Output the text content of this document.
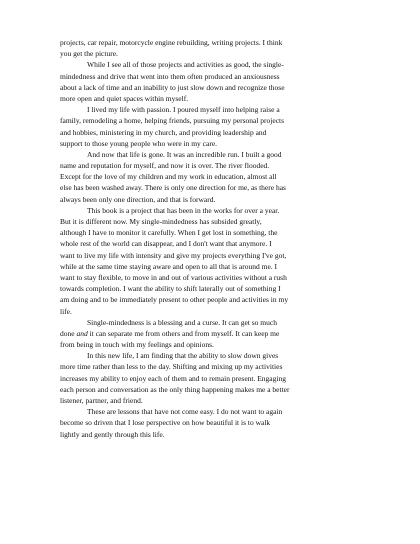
projects, car repair, motorcycle engine rebuilding, writing projects. I think
you get the picture.
While I see all of those projects and activities as good, the single-
mindedness and drive that went into them often produced an anxiousness
about a lack of time and an inability to just slow down and recognize those
more open and quiet spaces within myself.
I lived my life with passion. I poured myself into helping raise a
family, remodeling a home, helping friends, pursuing my personal projects
and hobbies, ministering in my church, and providing leadership and
support to those young people who were in my care.
And now that life is gone. It was an incredible run. I built a good
name and reputation for myself, and now it is over. The river flooded.
Except for the love of my children and my work in education, almost all
else has been washed away. There is only one direction for me, as there has
always been only one direction, and that is forward.
This book is a project that has been in the works for over a year.
But it is different now. My single-mindedness has subsided greatly,
although I have to monitor it carefully. When I get lost in something, the
whole rest of the world can disappear, and I don't want that anymore. I
want to live my life with intensity and give my projects everything I've got,
while at the same time staying aware and open to all that is around me. I
want to stay flexible, to move in and out of various activities without a rush
towards completion. I want the ability to shift laterally out of something I
am doing and to be immediately present to other people and activities in my
life.
Single-mindedness is a blessing and a curse. It can get so much
done and it can separate me from others and from myself. It can keep me
from being in touch with my feelings and opinions.
In this new life, I am finding that the ability to slow down gives
more time rather than less to the day. Shifting and mixing up my activities
increases my ability to enjoy each of them and to remain present. Engaging
each person and conversation as the only thing happening makes me a better
listener, partner, and friend.
These are lessons that have not come easy. I do not want to again
become so driven that I lose perspective on how beautiful it is to walk
lightly and gently through this life.
